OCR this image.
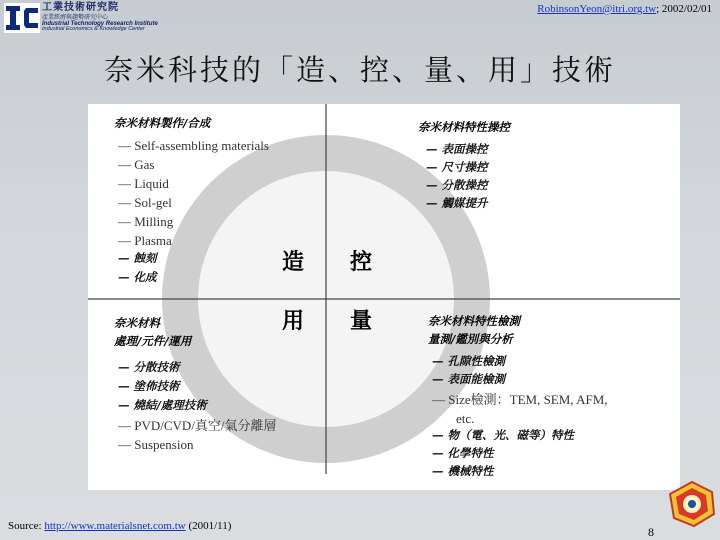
工業技術研究院
產業經濟與趨勢研究中心
Industrial Technology Research Institute
Industrial Economics & Knowledge Center
RobinsonYeon@itri.org.tw; 2002/02/01
奈米科技的「造、控、量、用」技術
奈米材料製作/合成
— Self-assembling materials
— Gas
— Liquid
— Sol-gel
— Milling
— Plasma
— 蝕刻
— 化成
奈米材料特性操控
— 表面操控
— 尺寸操控
— 分散操控
— 觸媒提升
造 控
用 量
奈米材料
處理/元件/運用
— 分散技術
— 塗佈技術
— 燒結/處理技術
— PVD/CVD/真空/氣分離層
— Suspension
奈米材料特性檢測
量測/鑑別與分析
— 孔隙性檢測
— 表面能檢測
— Size檢測：TEM, SEM, AFM,
etc.
— 物（電、光、磁等）特性
— 化學特性
— 機械特性
Source: http://www.materialsnet.com.tw (2001/11)	8
